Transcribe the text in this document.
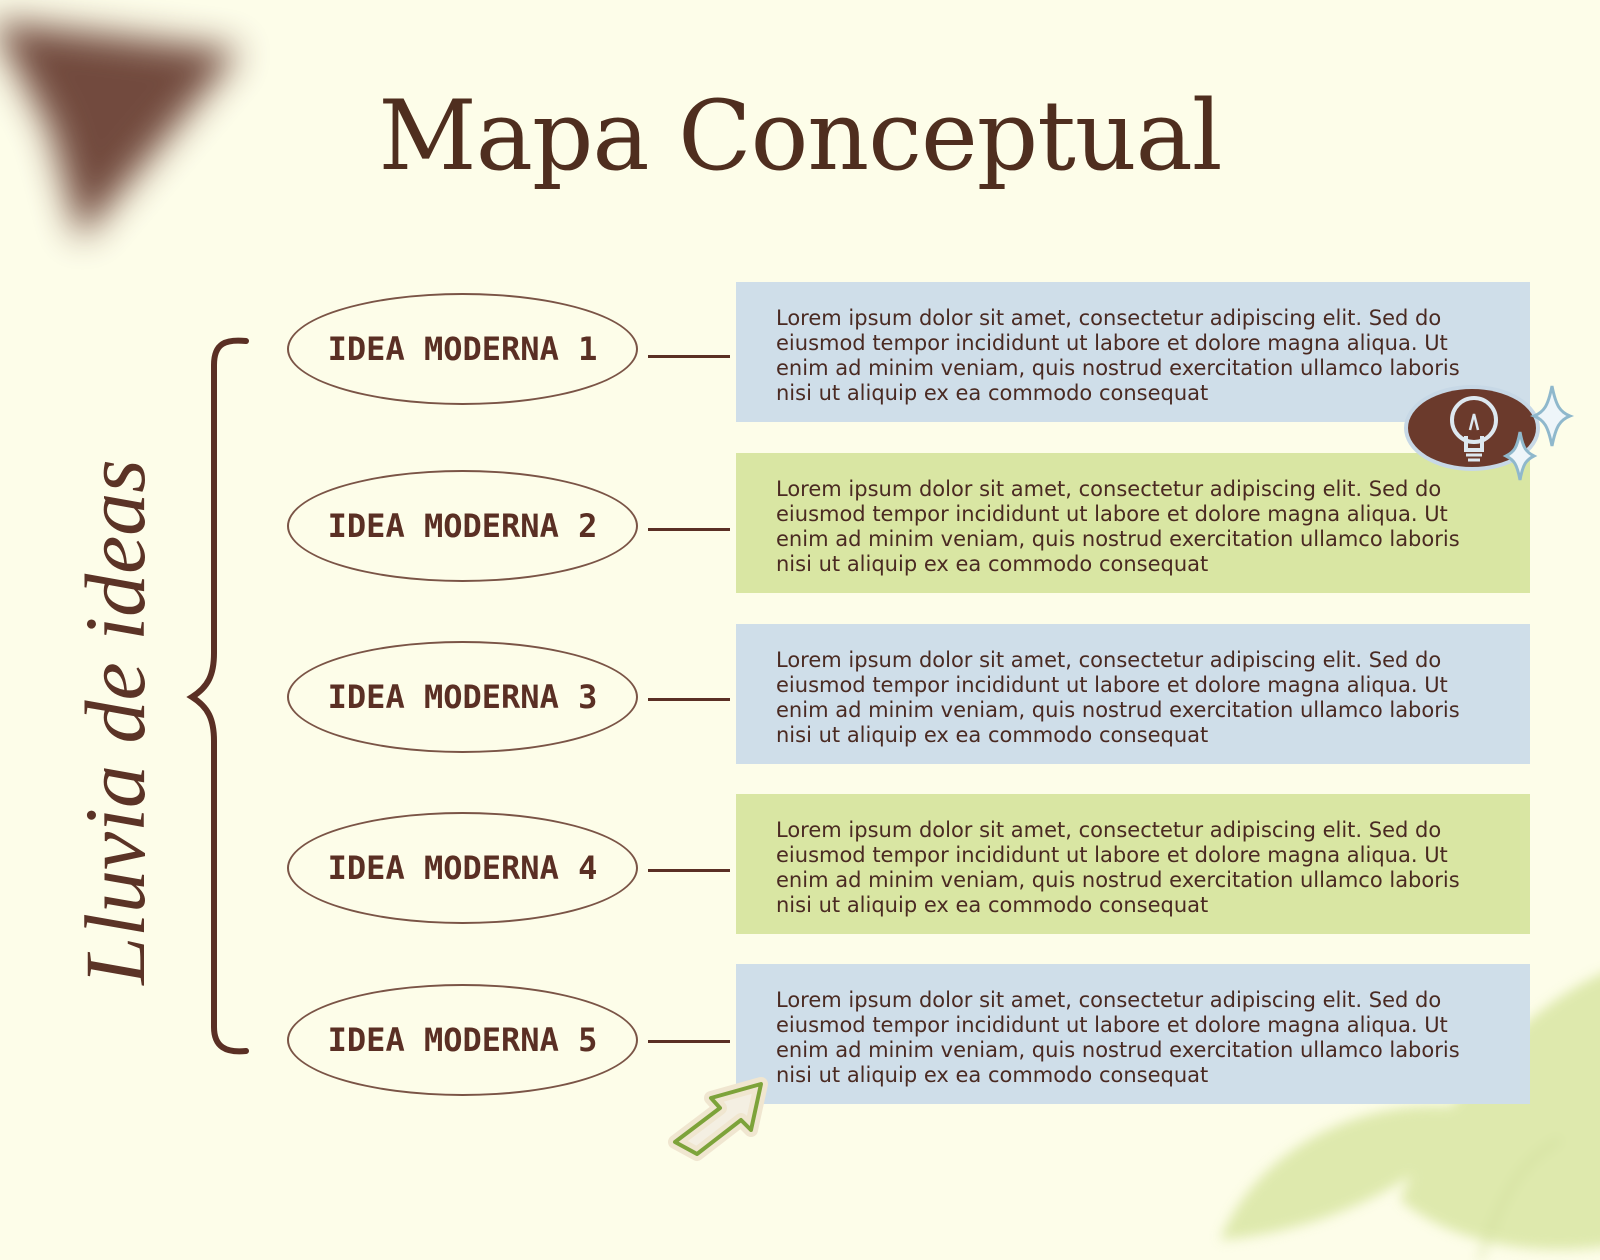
Mapa Conceptual
Lluvia de ideas
IDEA MODERNA 1
Lorem ipsum dolor sit amet, consectetur adipiscing elit. Sed do eiusmod tempor incididunt ut labore et dolore magna aliqua. Ut enim ad minim veniam, quis nostrud exercitation ullamco laboris nisi ut aliquip ex ea commodo consequat
IDEA MODERNA 2
Lorem ipsum dolor sit amet, consectetur adipiscing elit. Sed do eiusmod tempor incididunt ut labore et dolore magna aliqua. Ut enim ad minim veniam, quis nostrud exercitation ullamco laboris nisi ut aliquip ex ea commodo consequat
IDEA MODERNA 3
Lorem ipsum dolor sit amet, consectetur adipiscing elit. Sed do eiusmod tempor incididunt ut labore et dolore magna aliqua. Ut enim ad minim veniam, quis nostrud exercitation ullamco laboris nisi ut aliquip ex ea commodo consequat
IDEA MODERNA 4
Lorem ipsum dolor sit amet, consectetur adipiscing elit. Sed do eiusmod tempor incididunt ut labore et dolore magna aliqua. Ut enim ad minim veniam, quis nostrud exercitation ullamco laboris nisi ut aliquip ex ea commodo consequat
IDEA MODERNA 5
Lorem ipsum dolor sit amet, consectetur adipiscing elit. Sed do eiusmod tempor incididunt ut labore et dolore magna aliqua. Ut enim ad minim veniam, quis nostrud exercitation ullamco laboris nisi ut aliquip ex ea commodo consequat
